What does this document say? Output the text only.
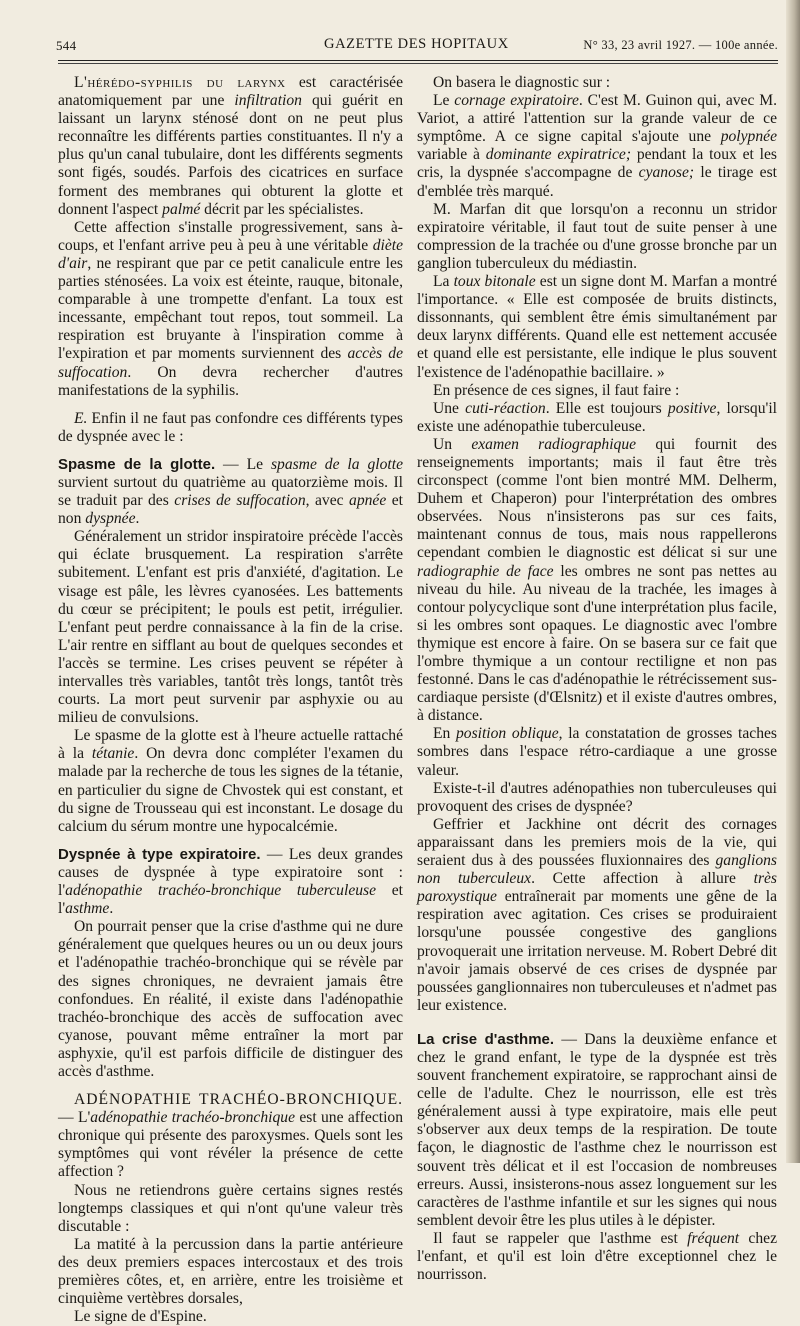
544	GAZETTE DES HOPITAUX	N° 33, 23 avril 1927. — 100e année.

L'hérédo-syphilis du larynx est caractérisée anatomiquement par une infiltration qui guérit en laissant un larynx sténosé dont on ne peut plus reconnaître les différents parties constituantes. Il n'y a plus qu'un canal tubulaire, dont les différents segments sont figés, soudés. Parfois des cicatrices en surface forment des membranes qui obturent la glotte et donnent l'aspect palmé décrit par les spécialistes.

Cette affection s'installe progressivement, sans à-coups, et l'enfant arrive peu à peu à une véritable diète d'air, ne respirant que par ce petit canalicule entre les parties sténosées. La voix est éteinte, rauque, bitonale, comparable à une trompette d'enfant. La toux est incessante, empêchant tout repos, tout sommeil. La respiration est bruyante à l'inspiration comme à l'expiration et par moments surviennent des accès de suffocation. On devra rechercher d'autres manifestations de la syphilis.

E. Enfin il ne faut pas confondre ces différents types de dyspnée avec le :

Spasme de la glotte. — Le spasme de la glotte survient surtout du quatrième au quatorzième mois. Il se traduit par des crises de suffocation, avec apnée et non dyspnée.

Généralement un stridor inspiratoire précède l'accès qui éclate brusquement. La respiration s'arrête subitement. L'enfant est pris d'anxiété, d'agitation. Le visage est pâle, les lèvres cyanosées. Les battements du cœur se précipitent; le pouls est petit, irrégulier. L'enfant peut perdre connaissance à la fin de la crise. L'air rentre en sifflant au bout de quelques secondes et l'accès se termine. Les crises peuvent se répéter à intervalles très variables, tantôt très longs, tantôt très courts. La mort peut survenir par asphyxie ou au milieu de convulsions.

Le spasme de la glotte est à l'heure actuelle rattaché à la tétanie. On devra donc compléter l'examen du malade par la recherche de tous les signes de la tétanie, en particulier du signe de Chvostek qui est constant, et du signe de Trousseau qui est inconstant. Le dosage du calcium du sérum montre une hypocalcémie.

Dyspnée à type expiratoire. — Les deux grandes causes de dyspnée à type expiratoire sont : l'adénopathie trachéo-bronchique tuberculeuse et l'asthme.

On pourrait penser que la crise d'asthme qui ne dure généralement que quelques heures ou un ou deux jours et l'adénopathie trachéo-bronchique qui se révèle par des signes chroniques, ne devraient jamais être confondues. En réalité, il existe dans l'adénopathie trachéo-bronchique des accès de suffocation avec cyanose, pouvant même entraîner la mort par asphyxie, qu'il est parfois difficile de distinguer des accès d'asthme.

ADÉNOPATHIE TRACHÉO-BRONCHIQUE. — L'adénopathie trachéo-bronchique est une affection chronique qui présente des paroxysmes. Quels sont les symptômes qui vont révéler la présence de cette affection ?

Nous ne retiendrons guère certains signes restés longtemps classiques et qui n'ont qu'une valeur très discutable :

La matité à la percussion dans la partie antérieure des deux premiers espaces intercostaux et des trois premières côtes, et, en arrière, entre les troisième et cinquième vertèbres dorsales,

Le signe de d'Espine.

On basera le diagnostic sur :

Le cornage expiratoire. C'est M. Guinon qui, avec M. Variot, a attiré l'attention sur la grande valeur de ce symptôme. A ce signe capital s'ajoute une polypnée variable à dominante expiratrice; pendant la toux et les cris, la dyspnée s'accompagne de cyanose; le tirage est d'emblée très marqué.

M. Marfan dit que lorsqu'on a reconnu un stridor expiratoire véritable, il faut tout de suite penser à une compression de la trachée ou d'une grosse bronche par un ganglion tuberculeux du médiastin.

La toux bitonale est un signe dont M. Marfan a montré l'importance. « Elle est composée de bruits distincts, dissonnants, qui semblent être émis simultanément par deux larynx différents. Quand elle est nettement accusée et quand elle est persistante, elle indique le plus souvent l'existence de l'adénopathie bacillaire. »

En présence de ces signes, il faut faire :

Une cuti-réaction. Elle est toujours positive, lorsqu'il existe une adénopathie tuberculeuse.

Un examen radiographique qui fournit des renseignements importants; mais il faut être très circonspect (comme l'ont bien montré MM. Delherm, Duhem et Chaperon) pour l'interprétation des ombres observées. Nous n'insisterons pas sur ces faits, maintenant connus de tous, mais nous rappellerons cependant combien le diagnostic est délicat si sur une radiographie de face les ombres ne sont pas nettes au niveau du hile. Au niveau de la trachée, les images à contour polycyclique sont d'une interprétation plus facile, si les ombres sont opaques. Le diagnostic avec l'ombre thymique est encore à faire. On se basera sur ce fait que l'ombre thymique a un contour rectiligne et non pas festonné. Dans le cas d'adénopathie le rétrécissement sus-cardiaque persiste (d'Œlsnitz) et il existe d'autres ombres, à distance.

En position oblique, la constatation de grosses taches sombres dans l'espace rétro-cardiaque a une grosse valeur.

Existe-t-il d'autres adénopathies non tuberculeuses qui provoquent des crises de dyspnée?

Geffrier et Jackhine ont décrit des cornages apparaissant dans les premiers mois de la vie, qui seraient dus à des poussées fluxionnaires des ganglions non tuberculeux. Cette affection à allure très paroxystique entraînerait par moments une gêne de la respiration avec agitation. Ces crises se produiraient lorsqu'une poussée congestive des ganglions provoquerait une irritation nerveuse. M. Robert Debré dit n'avoir jamais observé de ces crises de dyspnée par poussées ganglionnaires non tuberculeuses et n'admet pas leur existence.

La crise d'asthme. — Dans la deuxième enfance et chez le grand enfant, le type de la dyspnée est très souvent franchement expiratoire, se rapprochant ainsi de celle de l'adulte. Chez le nourrisson, elle est très généralement aussi à type expiratoire, mais elle peut s'observer aux deux temps de la respiration. De toute façon, le diagnostic de l'asthme chez le nourrisson est souvent très délicat et il est l'occasion de nombreuses erreurs. Aussi, insisterons-nous assez longuement sur les caractères de l'asthme infantile et sur les signes qui nous semblent devoir être les plus utiles à le dépister.

Il faut se rappeler que l'asthme est fréquent chez l'enfant, et qu'il est loin d'être exceptionnel chez le nourrisson.
